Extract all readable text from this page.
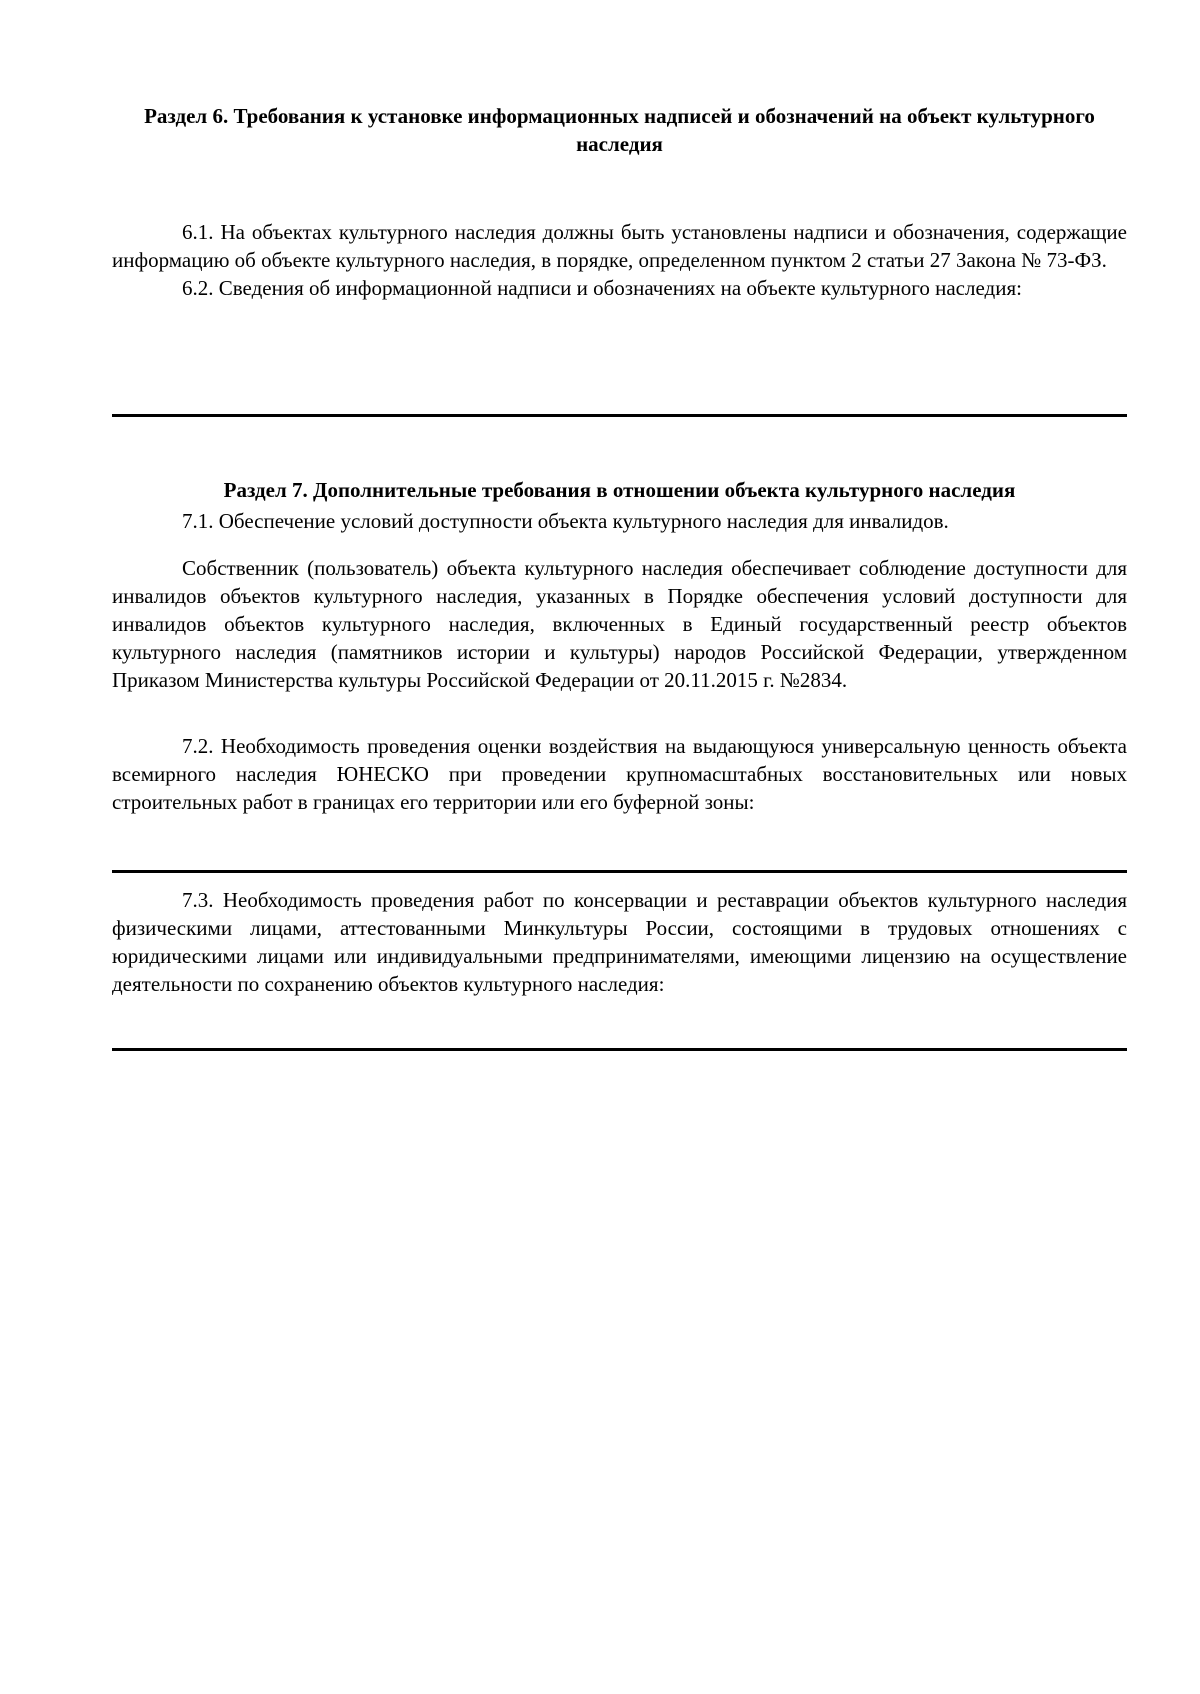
Раздел 6. Требования к установке информационных надписей и обозначений на объект культурного наследия

6.1. На объектах культурного наследия должны быть установлены надписи и обозначения, содержащие информацию об объекте культурного наследия, в порядке, определенном пунктом 2 статьи 27 Закона № 73-ФЗ.

6.2. Сведения об информационной надписи и обозначениях на объекте культурного наследия:

Раздел 7. Дополнительные требования в отношении объекта культурного наследия

7.1. Обеспечение условий доступности объекта культурного наследия для инвалидов.

Собственник (пользователь) объекта культурного наследия обеспечивает соблюдение доступности для инвалидов объектов культурного наследия, указанных в Порядке обеспечения условий доступности для инвалидов объектов культурного наследия, включенных в Единый государственный реестр объектов культурного наследия (памятников истории и культуры) народов Российской Федерации, утвержденном Приказом Министерства культуры Российской Федерации от 20.11.2015 г. №2834.

7.2. Необходимость проведения оценки воздействия на выдающуюся универсальную ценность объекта всемирного наследия ЮНЕСКО при проведении крупномасштабных восстановительных или новых строительных работ в границах его территории или его буферной зоны:

7.3. Необходимость проведения работ по консервации и реставрации объектов культурного наследия физическими лицами, аттестованными Минкультуры России, состоящими в трудовых отношениях с юридическими лицами или индивидуальными предпринимателями, имеющими лицензию на осуществление деятельности по сохранению объектов культурного наследия:
